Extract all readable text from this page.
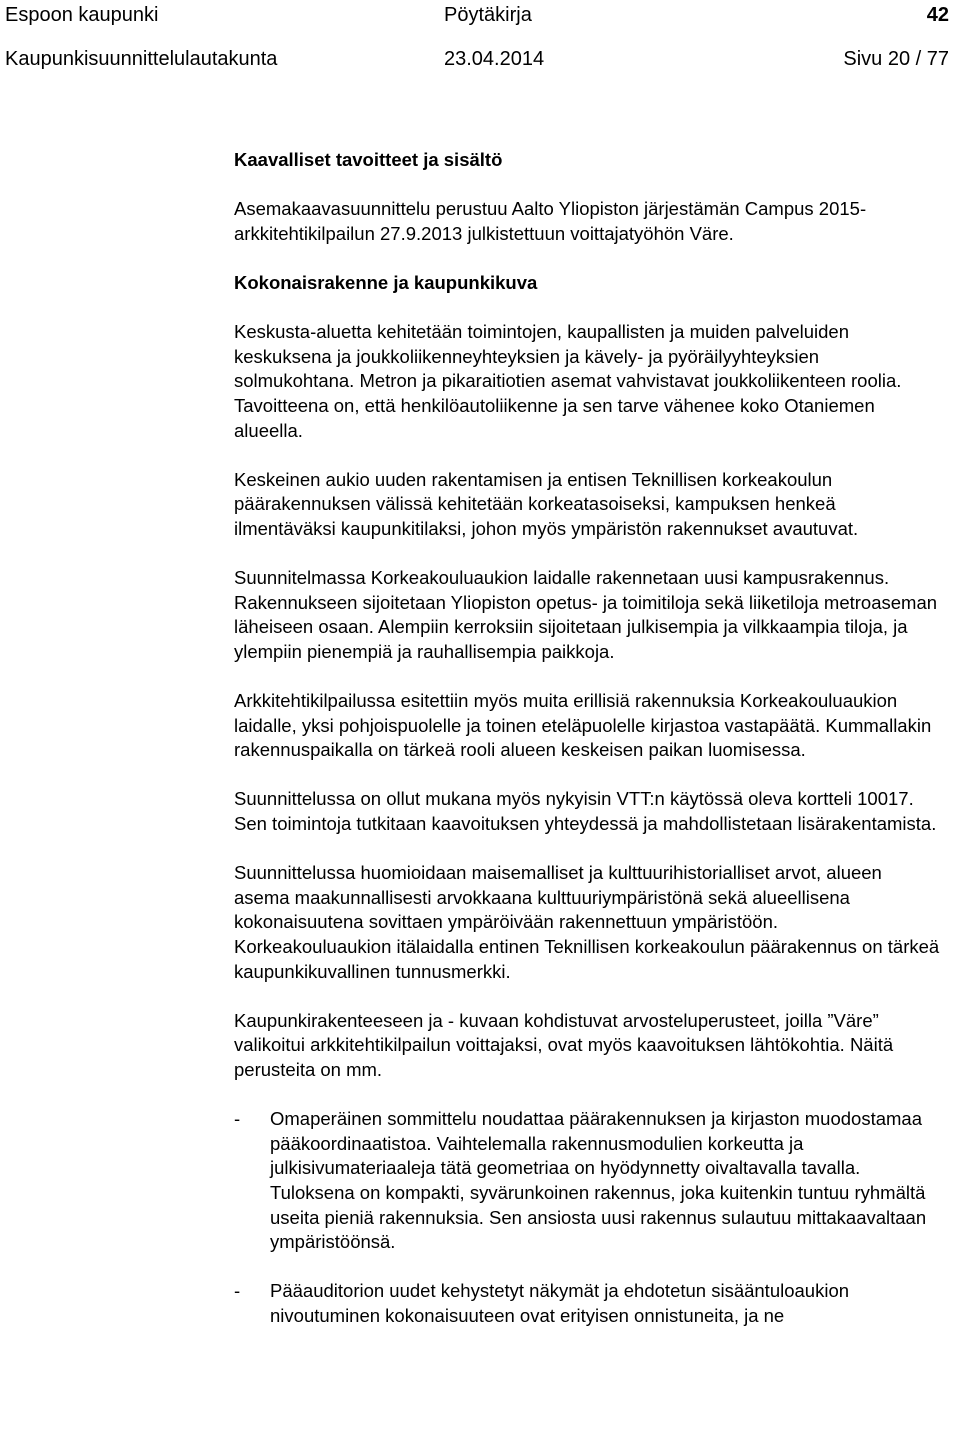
Espoon kaupunki	Pöytäkirja	42
Kaupunkisuunnittelulautakunta	23.04.2014	Sivu 20 / 77

Kaavalliset tavoitteet ja sisältö

Asemakaavasuunnittelu perustuu Aalto Yliopiston järjestämän Campus 2015-arkkitehtikilpailun 27.9.2013 julkistettuun voittajatyöhön Väre.

Kokonaisrakenne ja kaupunkikuva

Keskusta-aluetta kehitetään toimintojen, kaupallisten ja muiden palveluiden keskuksena ja joukkoliikenneyhteyksien ja kävely- ja pyöräilyyhteyksien solmukohtana. Metron ja pikaraitiotien asemat vahvistavat joukkoliikenteen roolia. Tavoitteena on, että henkilöautoliikenne ja sen tarve vähenee koko Otaniemen alueella.

Keskeinen aukio uuden rakentamisen ja entisen Teknillisen korkeakoulun päärakennuksen välissä kehitetään korkeatasoiseksi, kampuksen henkeä ilmentäväksi kaupunkitilaksi, johon myös ympäristön rakennukset avautuvat.

Suunnitelmassa Korkeakouluaukion laidalle rakennetaan uusi kampusrakennus. Rakennukseen sijoitetaan Yliopiston opetus- ja toimitiloja sekä liiketiloja metroaseman läheiseen osaan. Alempiin kerroksiin sijoitetaan julkisempia ja vilkkaampia tiloja, ja ylempiin pienempiä ja rauhallisempia paikkoja.

Arkkitehtikilpailussa esitettiin myös muita erillisiä rakennuksia Korkeakouluaukion laidalle, yksi pohjoispuolelle ja toinen eteläpuolelle kirjastoa vastapäätä. Kummallakin rakennuspaikalla on tärkeä rooli alueen keskeisen paikan luomisessa.

Suunnittelussa on ollut mukana myös nykyisin VTT:n käytössä oleva kortteli 10017. Sen toimintoja tutkitaan kaavoituksen yhteydessä ja mahdollistetaan lisärakentamista.

Suunnittelussa huomioidaan maisemalliset ja kulttuurihistorialliset arvot, alueen asema maakunnallisesti arvokkaana kulttuuriympäristönä sekä alueellisena kokonaisuutena sovittaen ympäröivään rakennettuun ympäristöön. Korkeakouluaukion itälaidalla entinen Teknillisen korkeakoulun päärakennus on tärkeä kaupunkikuvallinen tunnusmerkki.

Kaupunkirakenteeseen ja - kuvaan kohdistuvat arvosteluperusteet, joilla ”Väre” valikoitui arkkitehtikilpailun voittajaksi, ovat myös kaavoituksen lähtökohtia. Näitä perusteita on mm.

- Omaperäinen sommittelu noudattaa päärakennuksen ja kirjaston muodostamaa pääkoordinaatistoa. Vaihtelemalla rakennusmodulien korkeutta ja julkisivumateriaaleja tätä geometriaa on hyödynnetty oivaltavalla tavalla. Tuloksena on kompakti, syvärunkoinen rakennus, joka kuitenkin tuntuu ryhmältä useita pieniä rakennuksia. Sen ansiosta uusi rakennus sulautuu mittakaavaltaan ympäristöönsä.
- Pääauditorion uudet kehystetyt näkymät ja ehdotetun sisääntuloaukion nivoutuminen kokonaisuuteen ovat erityisen onnistuneita, ja ne
